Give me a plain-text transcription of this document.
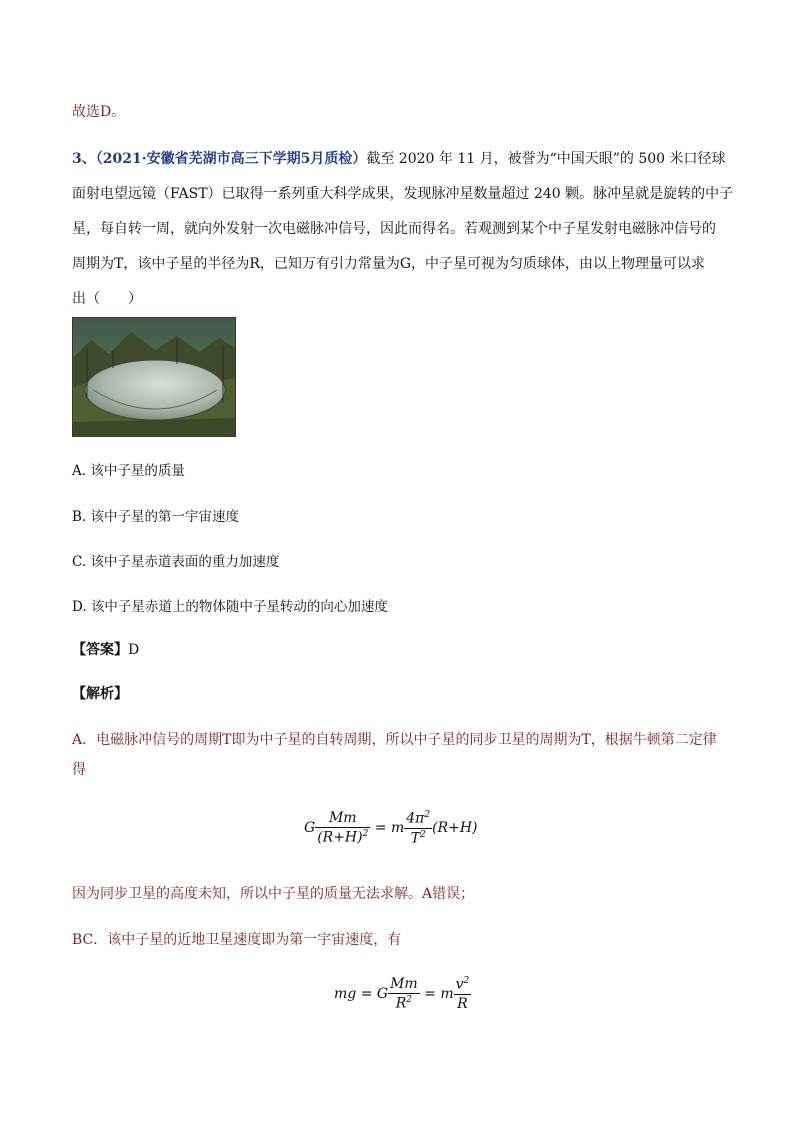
故选D。
3、（2021·安徽省芜湖市高三下学期5月质检）截至 2020 年 11 月，被誉为“中国天眼”的 500 米口径球
面射电望远镜（FAST）已取得一系列重大科学成果，发现脉冲星数量超过 240 颗。脉冲星就是旋转的中子
星，每自转一周，就向外发射一次电磁脉冲信号，因此而得名。若观测到某个中子星发射电磁脉冲信号的
周期为T，该中子星的半径为R，已知万有引力常量为G，中子星可视为匀质球体，由以上物理量可以求
出（　　）
A. 该中子星的质量
B. 该中子星的第一宇宙速度
C. 该中子星赤道表面的重力加速度
D. 该中子星赤道上的物体随中子星转动的向心加速度
【答案】D
【解析】
A．电磁脉冲信号的周期T即为中子星的自转周期，所以中子星的同步卫星的周期为T，根据牛顿第二定律
得
G $\frac{Mm}{(R+H)^2} = m \frac{4\pi^2}{T^2} (R+H)$
因为同步卫星的高度未知，所以中子星的质量无法求解。A错误；
BC．该中子星的近地卫星速度即为第一宇宙速度，有
mg = G $\frac{Mm}{R^2} = m \frac{v^2}{R}$
